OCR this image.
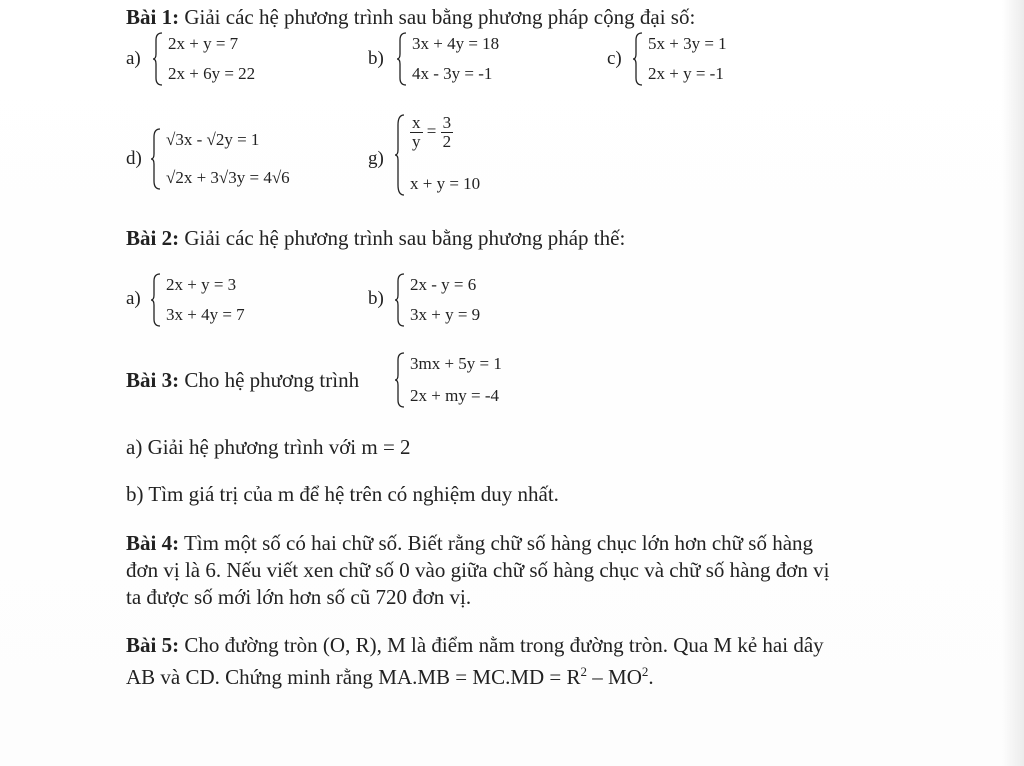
Bài 1: Giải các hệ phương trình sau bằng phương pháp cộng đại số:
a)
2x + y = 7
2x + 6y = 22
b)
3x + 4y = 18
4x - 3y = -1
c)
5x + 3y = 1
2x + y = -1
d)
√3x - √2y = 1
√2x + 3√3y = 4√6
g)
$\frac{x}{y} = \frac{3}{2}$
x + y = 10
Bài 2: Giải các hệ phương trình sau bằng phương pháp thế:
a)
2x + y = 3
3x + 4y = 7
b)
2x - y = 6
3x + y = 9
Bài 3: Cho hệ phương trình
3mx + 5y = 1
2x + my = -4
a) Giải hệ phương trình với m = 2
b) Tìm giá trị của m để hệ trên có nghiệm duy nhất.
Bài 4: Tìm một số có hai chữ số. Biết rằng chữ số hàng chục lớn hơn chữ số hàng
đơn vị là 6. Nếu viết xen chữ số 0 vào giữa chữ số hàng chục và chữ số hàng đơn vị
ta được số mới lớn hơn số cũ 720 đơn vị.
Bài 5: Cho đường tròn (O, R), M là điểm nằm trong đường tròn. Qua M kẻ hai dây
AB và CD. Chứng minh rằng $MA.MB = MC.MD = R^2 - MO^2$.
